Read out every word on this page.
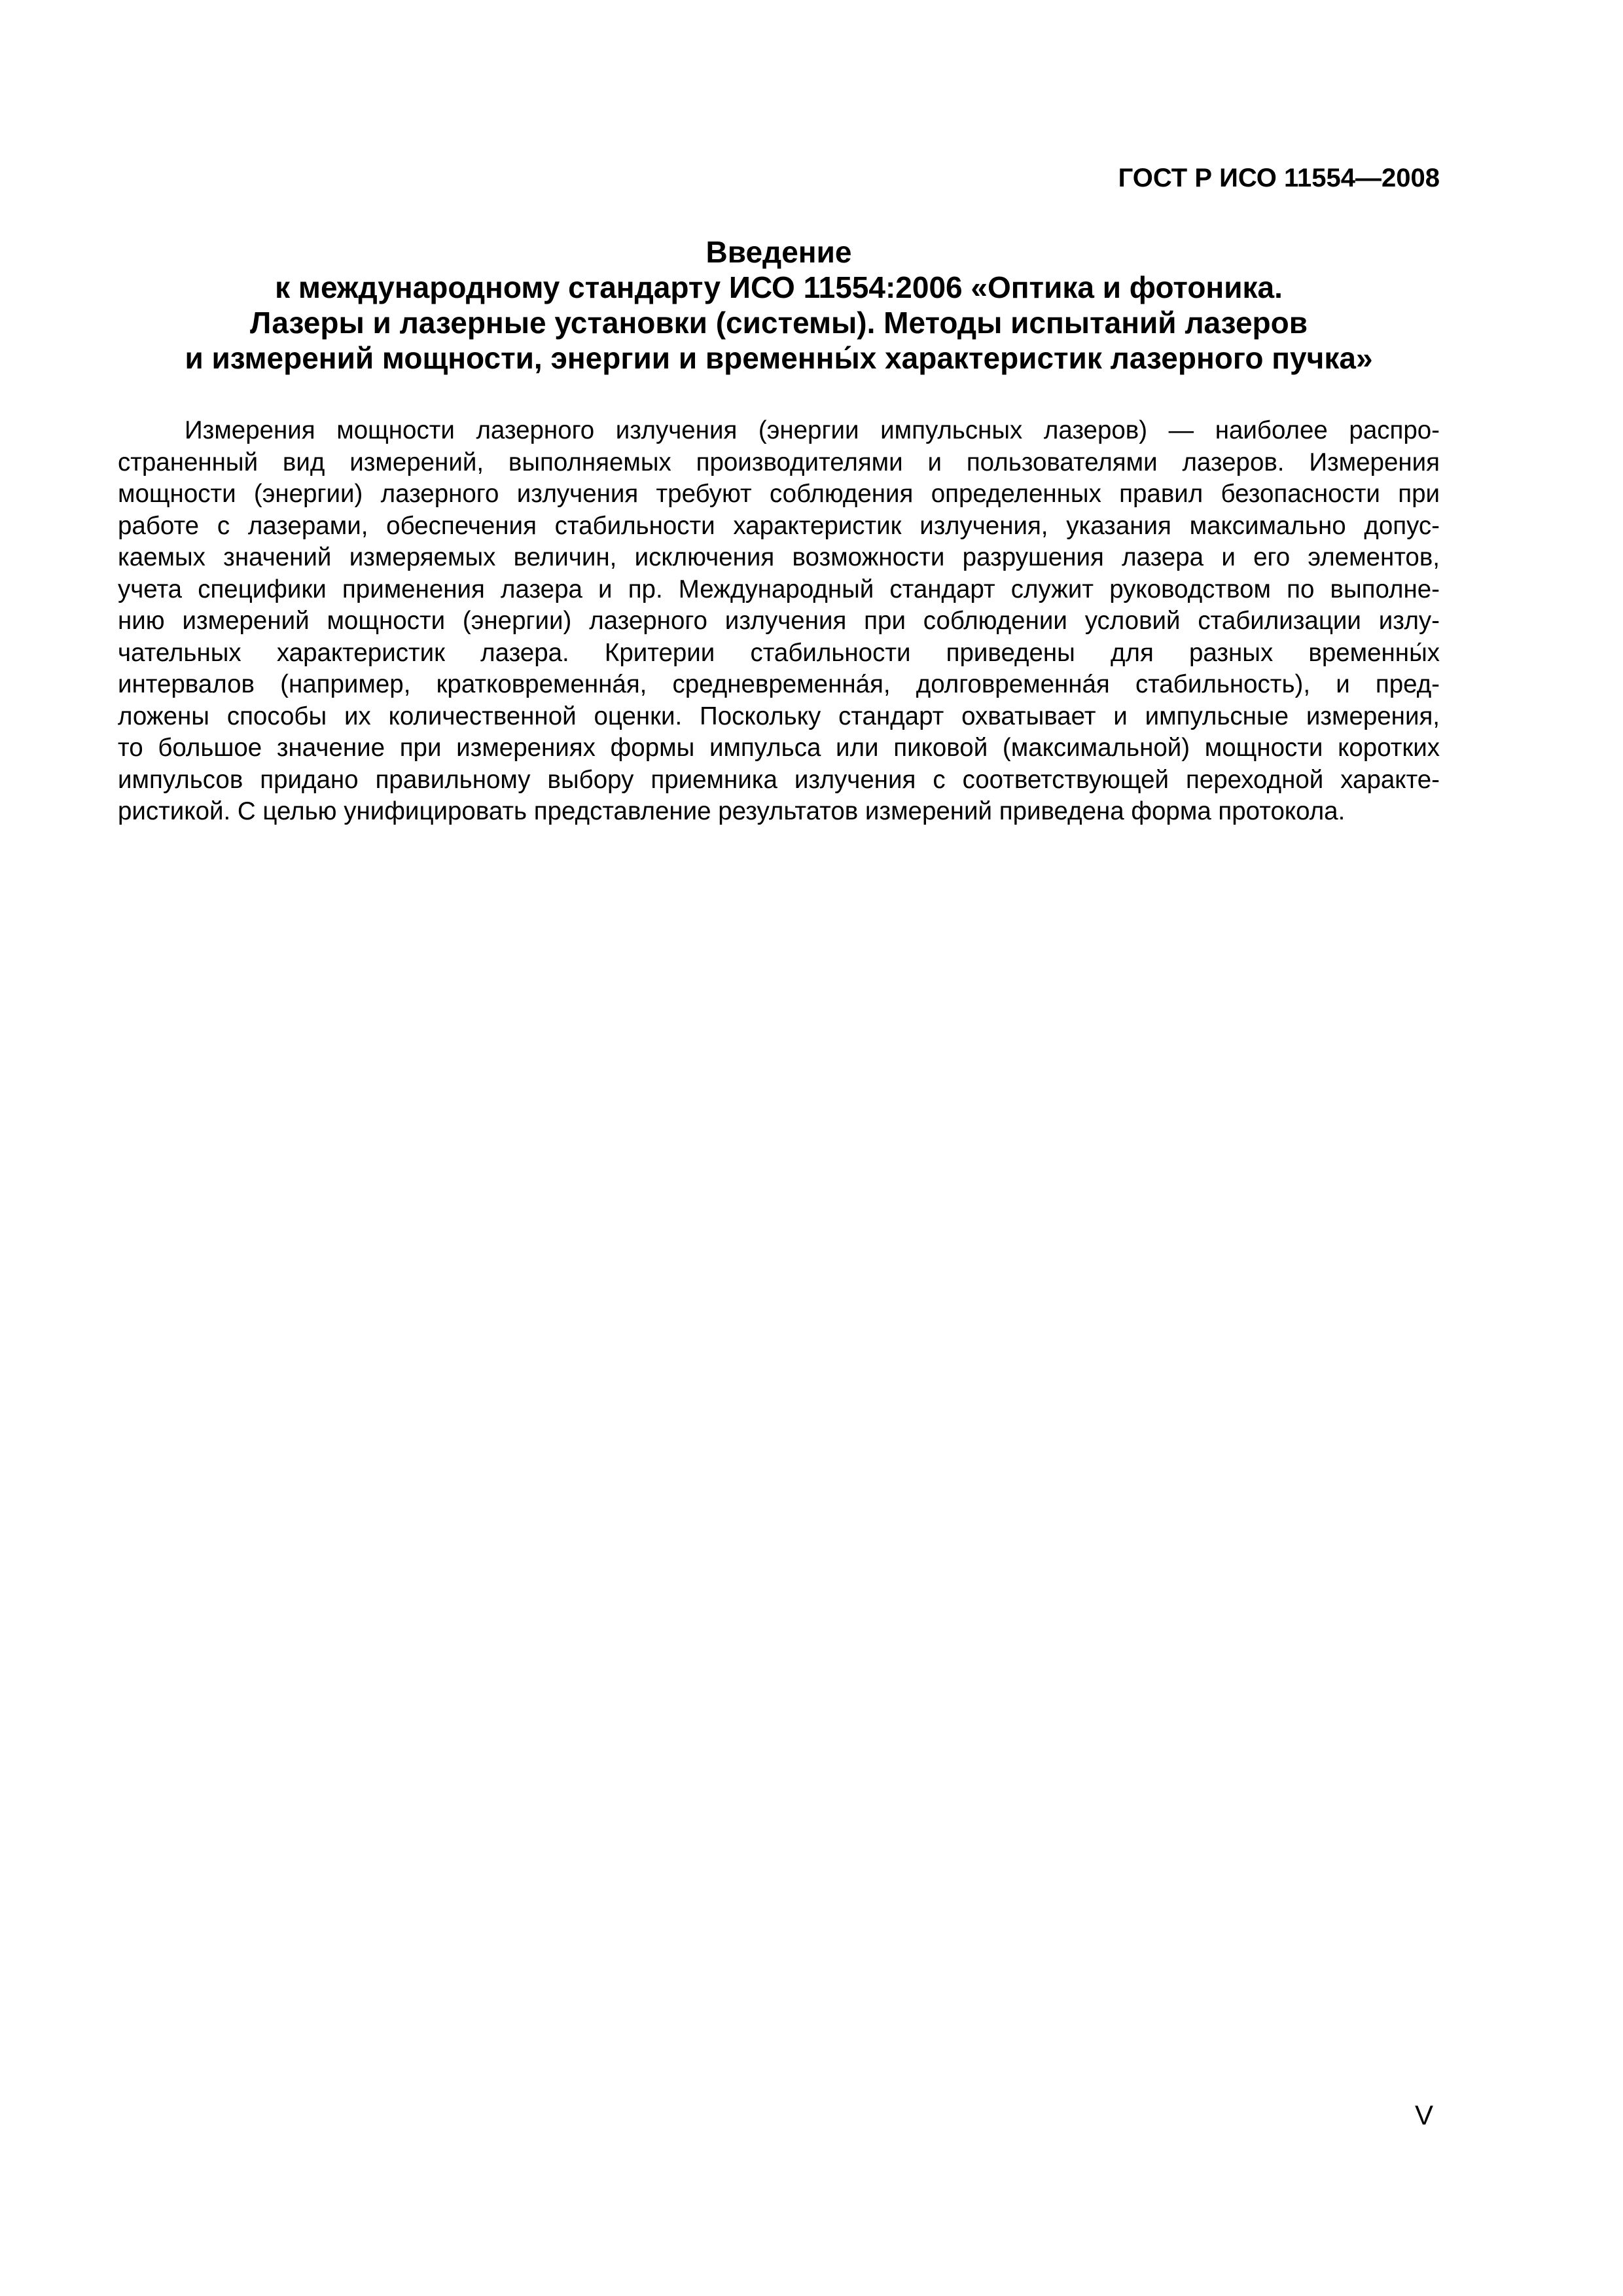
ГОСТ Р ИСО 11554—2008
Введение
к международному стандарту ИСО 11554:2006 «Оптика и фотоника.
Лазеры и лазерные установки (системы). Методы испытаний лазеров
и измерений мощности, энергии и временны́х характеристик лазерного пучка»
Измерения мощности лазерного излучения (энергии импульсных лазеров) — наиболее распро-
страненный вид измерений, выполняемых производителями и пользователями лазеров. Измерения
мощности (энергии) лазерного излучения требуют соблюдения определенных правил безопасности при
работе с лазерами, обеспечения стабильности характеристик излучения, указания максимально допус-
каемых значений измеряемых величин, исключения возможности разрушения лазера и его элементов,
учета специфики применения лазера и пр. Международный стандарт служит руководством по выполне-
нию измерений мощности (энергии) лазерного излучения при соблюдении условий стабилизации излу-
чательных характеристик лазера. Критерии стабильности приведены для разных временны́х
интервалов (например, кратковременна́я, средневременна́я, долговременна́я стабильность), и пред-
ложены способы их количественной оценки. Поскольку стандарт охватывает и импульсные измерения,
то большое значение при измерениях формы импульса или пиковой (максимальной) мощности коротких
импульсов придано правильному выбору приемника излучения с соответствующей переходной характе-
ристикой. С целью унифицировать представление результатов измерений приведена форма протокола.
V
